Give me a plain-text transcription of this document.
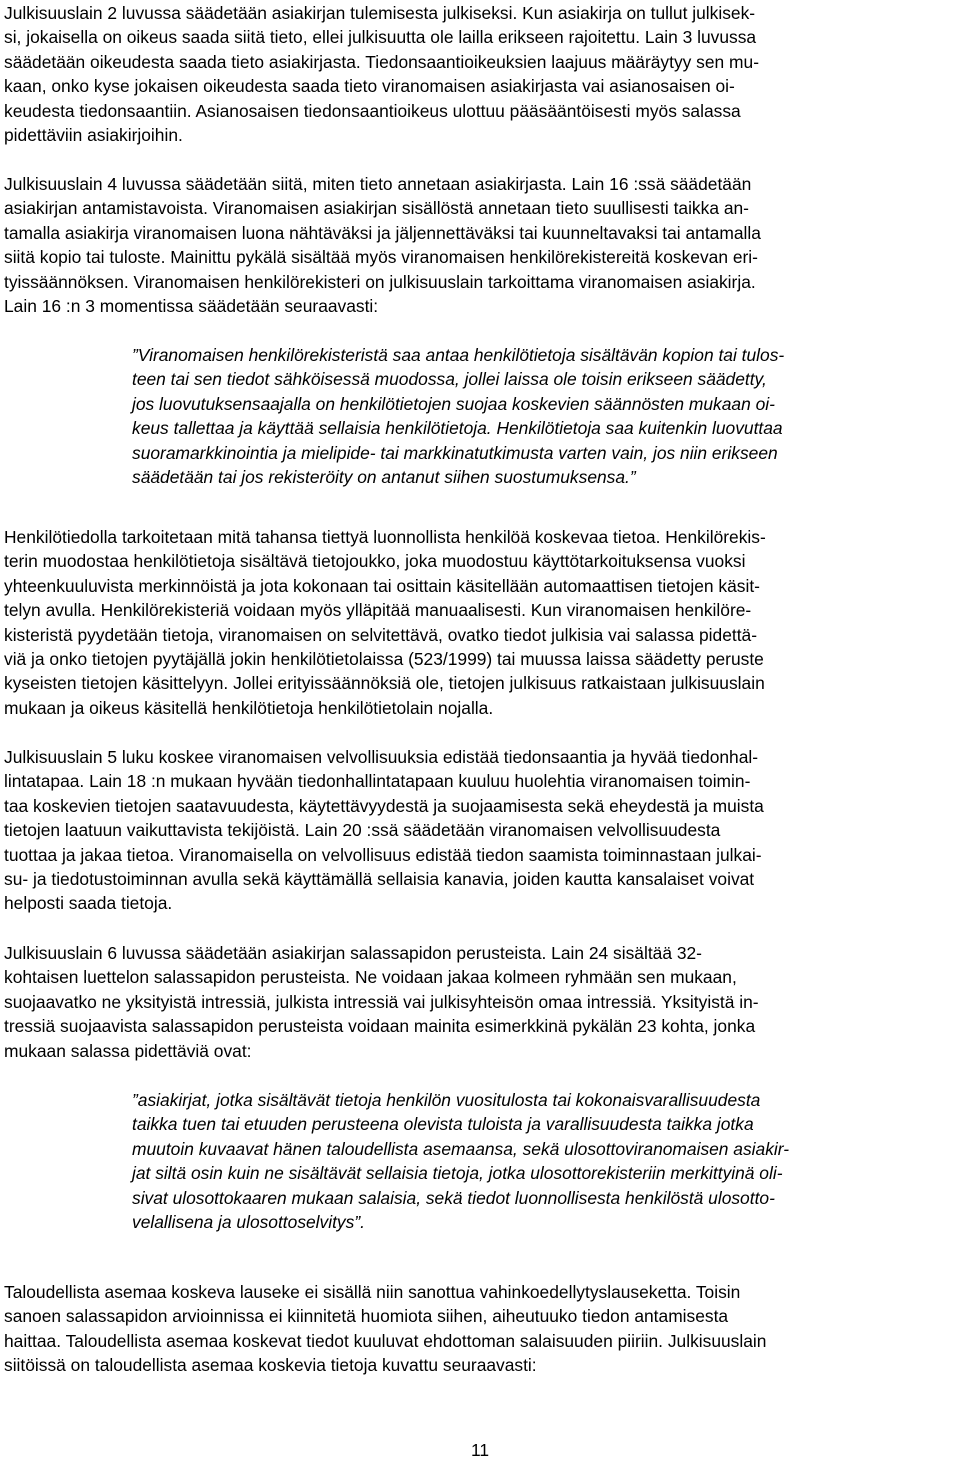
Julkisuuslain 2 luvussa säädetään asiakirjan tulemisesta julkiseksi. Kun asiakirja on tullut julkisek-
si, jokaisella on oikeus saada siitä tieto, ellei julkisuutta ole lailla erikseen rajoitettu. Lain 3 luvussa
säädetään oikeudesta saada tieto asiakirjasta. Tiedonsaantioikeuksien laajuus määräytyy sen mu-
kaan, onko kyse jokaisen oikeudesta saada tieto viranomaisen asiakirjasta vai asianosaisen oi-
keudesta tiedonsaantiin. Asianosaisen tiedonsaantioikeus ulottuu pääsääntöisesti myös salassa
pidettäviin asiakirjoihin.
Julkisuuslain 4 luvussa säädetään siitä, miten tieto annetaan asiakirjasta. Lain 16 :ssä säädetään
asiakirjan antamistavoista. Viranomaisen asiakirjan sisällöstä annetaan tieto suullisesti taikka an-
tamalla asiakirja viranomaisen luona nähtäväksi ja jäljennettäväksi tai kuunneltavaksi tai antamalla
siitä kopio tai tuloste. Mainittu pykälä sisältää myös viranomaisen henkilörekistereitä koskevan eri-
tyissäännöksen. Viranomaisen henkilörekisteri on julkisuuslain tarkoittama viranomaisen asiakirja.
Lain 16 :n 3 momentissa säädetään seuraavasti:
”Viranomaisen henkilörekisteristä saa antaa henkilötietoja sisältävän kopion tai tulos-
teen tai sen tiedot sähköisessä muodossa, jollei laissa ole toisin erikseen säädetty,
jos luovutuksensaajalla on henkilötietojen suojaa koskevien säännösten mukaan oi-
keus tallettaa ja käyttää sellaisia henkilötietoja. Henkilötietoja saa kuitenkin luovuttaa
suoramarkkinointia ja mielipide- tai markkinatutkimusta varten vain, jos niin erikseen
säädetään tai jos rekisteröity on antanut siihen suostumuksensa.”
Henkilötiedolla tarkoitetaan mitä tahansa tiettyä luonnollista henkilöä koskevaa tietoa. Henkilörekis-
terin muodostaa henkilötietoja sisältävä tietojoukko, joka muodostuu käyttötarkoituksensa vuoksi
yhteenkuuluvista merkinnöistä ja jota kokonaan tai osittain käsitellään automaattisen tietojen käsit-
telyn avulla. Henkilörekisteriä voidaan myös ylläpitää manuaalisesti. Kun viranomaisen henkilöre-
kisteristä pyydetään tietoja, viranomaisen on selvitettävä, ovatko tiedot julkisia vai salassa pidettä-
viä ja onko tietojen pyytäjällä jokin henkilötietolaissa (523/1999) tai muussa laissa säädetty peruste
kyseisten tietojen käsittelyyn. Jollei erityissäännöksiä ole, tietojen julkisuus ratkaistaan julkisuuslain
mukaan ja oikeus käsitellä henkilötietoja henkilötietolain nojalla.
Julkisuuslain 5 luku koskee viranomaisen velvollisuuksia edistää tiedonsaantia ja hyvää tiedonhal-
lintatapaa. Lain 18 :n mukaan hyvään tiedonhallintatapaan kuuluu huolehtia viranomaisen toimin-
taa koskevien tietojen saatavuudesta, käytettävyydestä ja suojaamisesta sekä eheydestä ja muista
tietojen laatuun vaikuttavista tekijöistä. Lain 20 :ssä säädetään viranomaisen velvollisuudesta
tuottaa ja jakaa tietoa. Viranomaisella on velvollisuus edistää tiedon saamista toiminnastaan julkai-
su- ja tiedotustoiminnan avulla sekä käyttämällä sellaisia kanavia, joiden kautta kansalaiset voivat
helposti saada tietoja.
Julkisuuslain 6 luvussa säädetään asiakirjan salassapidon perusteista. Lain 24 sisältää 32-
kohtaisen luettelon salassapidon perusteista. Ne voidaan jakaa kolmeen ryhmään sen mukaan,
suojaavatko ne yksityistä intressiä, julkista intressiä vai julkisyhteisön omaa intressiä. Yksityistä in-
tressiä suojaavista salassapidon perusteista voidaan mainita esimerkkinä pykälän 23 kohta, jonka
mukaan salassa pidettäviä ovat:
”asiakirjat, jotka sisältävät tietoja henkilön vuositulosta tai kokonaisvarallisuudesta
taikka tuen tai etuuden perusteena olevista tuloista ja varallisuudesta taikka jotka
muutoin kuvaavat hänen taloudellista asemaansa, sekä ulosottoviranomaisen asiakir-
jat siltä osin kuin ne sisältävät sellaisia tietoja, jotka ulosottorekisteriin merkittyinä oli-
sivat ulosottokaaren mukaan salaisia, sekä tiedot luonnollisesta henkilöstä ulosotto-
velallisena ja ulosottoselvitys”.
Taloudellista asemaa koskeva lauseke ei sisällä niin sanottua vahinkoedellytyslauseketta. Toisin
sanoen salassapidon arvioinnissa ei kiinnitetä huomiota siihen, aiheutuuko tiedon antamisesta
haittaa. Taloudellista asemaa koskevat tiedot kuuluvat ehdottoman salaisuuden piiriin. Julkisuuslain
siitöissä on taloudellista asemaa koskevia tietoja kuvattu seuraavasti:
11
